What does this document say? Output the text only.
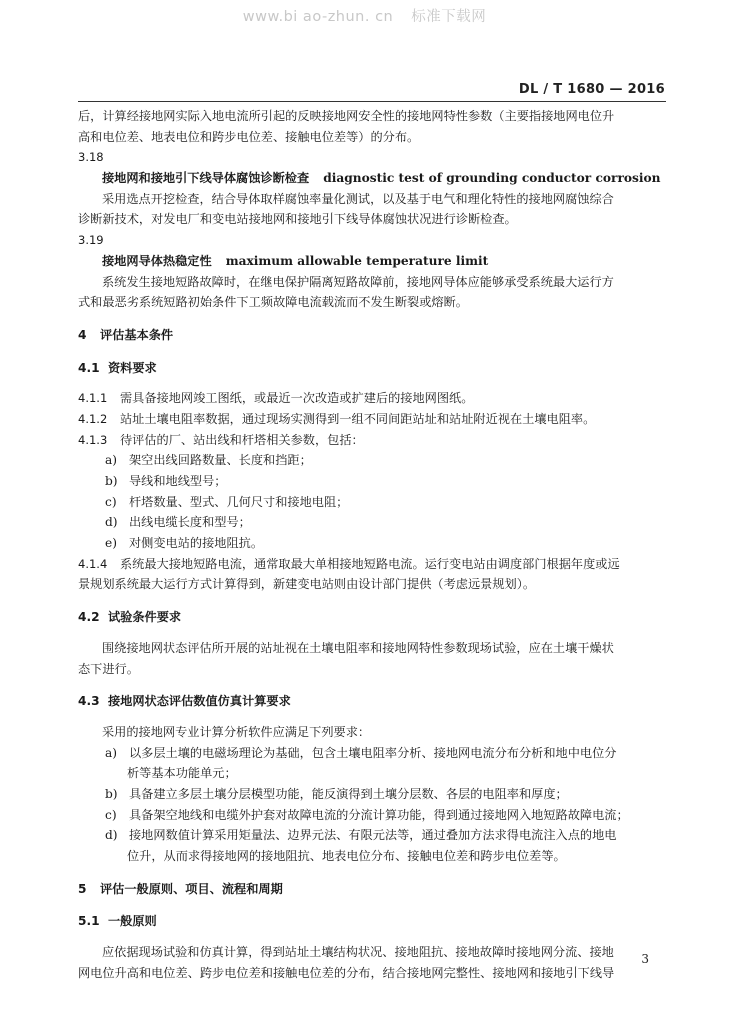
www.bi ao-zhun. cn 标准下载网
DL / T 1680 — 2016
后，计算经接地网实际入地电流所引起的反映接地网安全性的接地网特性参数（主要指接地网电位升
高和电位差、地表电位和跨步电位差、接触电位差等）的分布。
3.18
接地网和接地引下线导体腐蚀诊断检查 diagnostic test of grounding conductor corrosion
采用选点开挖检查，结合导体取样腐蚀率量化测试，以及基于电气和理化特性的接地网腐蚀综合
诊断新技术，对发电厂和变电站接地网和接地引下线导体腐蚀状况进行诊断检查。
3.19
接地网导体热稳定性 maximum allowable temperature limit
系统发生接地短路故障时，在继电保护隔离短路故障前，接地网导体应能够承受系统最大运行方
式和最恶劣系统短路初始条件下工频故障电流载流而不发生断裂或熔断。
4 评估基本条件
4.1 资料要求
4.1.1 需具备接地网竣工图纸，或最近一次改造或扩建后的接地网图纸。
4.1.2 站址土壤电阻率数据，通过现场实测得到一组不同间距站址和站址附近视在土壤电阻率。
4.1.3 待评估的厂、站出线和杆塔相关参数，包括：
a) 架空出线回路数量、长度和挡距；
b) 导线和地线型号；
c) 杆塔数量、型式、几何尺寸和接地电阻；
d) 出线电缆长度和型号；
e) 对侧变电站的接地阻抗。
4.1.4 系统最大接地短路电流，通常取最大单相接地短路电流。运行变电站由调度部门根据年度或远
景规划系统最大运行方式计算得到，新建变电站则由设计部门提供（考虑远景规划）。
4.2 试验条件要求
围绕接地网状态评估所开展的站址视在土壤电阻率和接地网特性参数现场试验，应在土壤干燥状
态下进行。
4.3 接地网状态评估数值仿真计算要求
采用的接地网专业计算分析软件应满足下列要求：
a) 以多层土壤的电磁场理论为基础，包含土壤电阻率分析、接地网电流分布分析和地中电位分
析等基本功能单元；
b) 具备建立多层土壤分层模型功能，能反演得到土壤分层数、各层的电阻率和厚度；
c) 具备架空地线和电缆外护套对故障电流的分流计算功能，得到通过接地网入地短路故障电流；
d) 接地网数值计算采用矩量法、边界元法、有限元法等，通过叠加方法求得电流注入点的地电
位升，从而求得接地网的接地阻抗、地表电位分布、接触电位差和跨步电位差等。
5 评估一般原则、项目、流程和周期
5.1 一般原则
应依据现场试验和仿真计算，得到站址土壤结构状况、接地阻抗、接地故障时接地网分流、接地
网电位升高和电位差、跨步电位差和接触电位差的分布，结合接地网完整性、接地网和接地引下线导
3
